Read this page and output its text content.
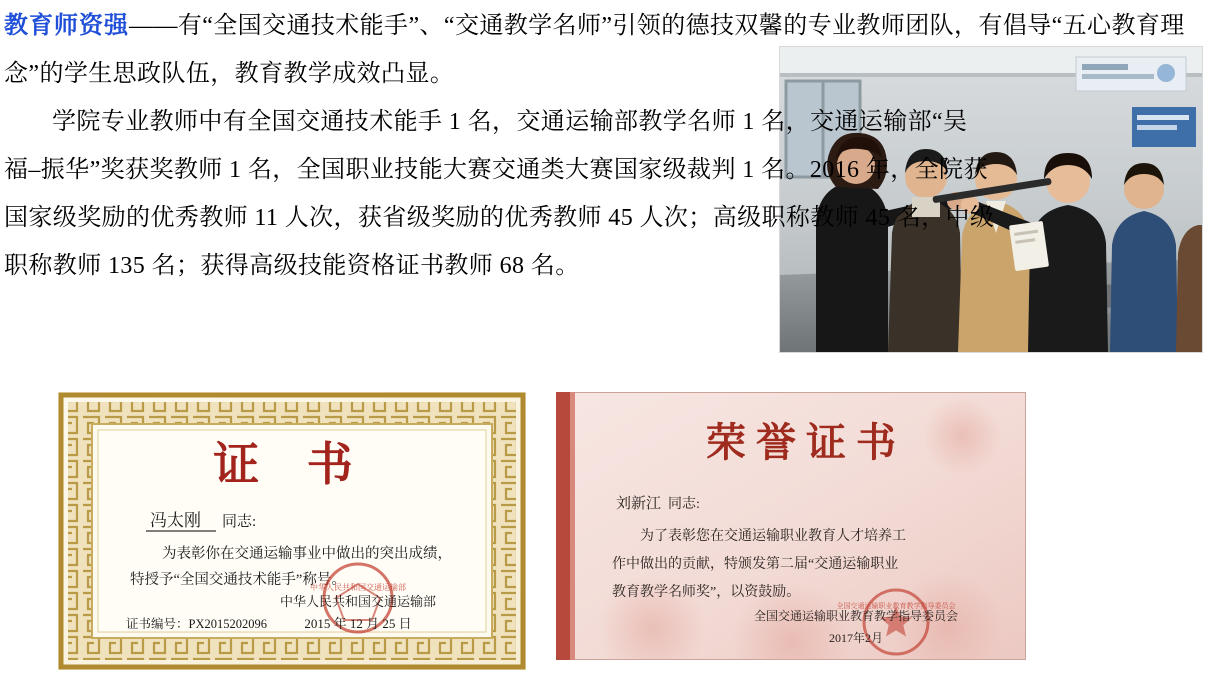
教育师资强——有“全国交通技术能手”、“交通教学名师”引领的德技双馨的专业教师团队，有倡导“五心教育理念”的学生思政队伍，教育教学成效凸显。

学院专业教师中有全国交通技术能手 1 名，交通运输部教学名师 1 名，交通运输部“吴福–振华”奖获奖教师 1 名，全国职业技能大赛交通类大赛国家级裁判 1 名。2016 年，全院获国家级奖励的优秀教师 11 人次，获省级奖励的优秀教师 45 人次；高级职称教师 45 名，中级职称教师 135 名；获得高级技能资格证书教师 68 名。

证 书
冯太刚 同志:
为表彰你在交通运输事业中做出的突出成绩，
特授予“全国交通技术能手”称号。
中华人民共和国交通运输部
中华人民共和国交通运输部
2015 年 12 月 25 日
证书编号：PX2015202096
荣誉证书
刘新江 同志:
为了表彰您在交通运输职业教育人才培养工
作中做出的贡献，特颁发第二届“交通运输职业
教育教学名师奖”，以资鼓励。
全国交通运输职业教育教学指导委员会
全国交通运输职业教育教学指导委员会
2017年2月
